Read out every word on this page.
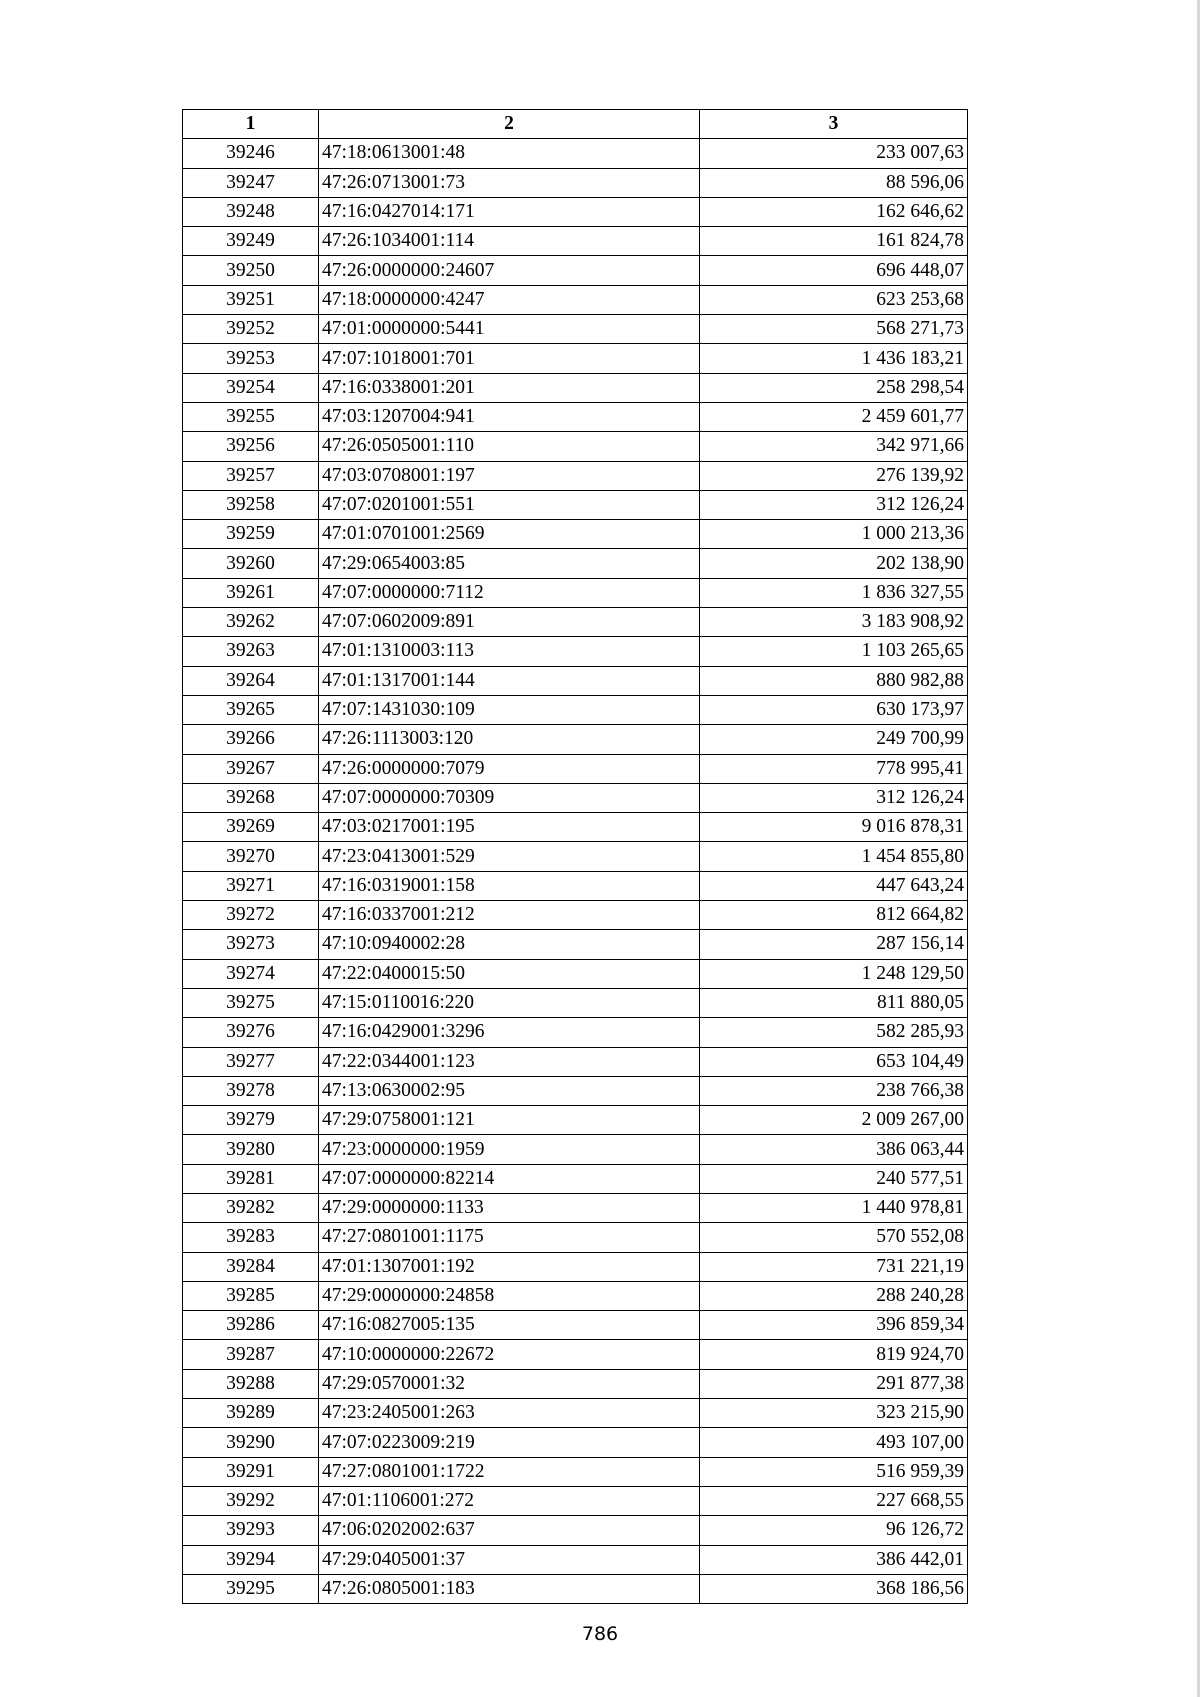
1	2	3
39246	47:18:0613001:48	233 007,63
39247	47:26:0713001:73	88 596,06
39248	47:16:0427014:171	162 646,62
39249	47:26:1034001:114	161 824,78
39250	47:26:0000000:24607	696 448,07
39251	47:18:0000000:4247	623 253,68
39252	47:01:0000000:5441	568 271,73
39253	47:07:1018001:701	1 436 183,21
39254	47:16:0338001:201	258 298,54
39255	47:03:1207004:941	2 459 601,77
39256	47:26:0505001:110	342 971,66
39257	47:03:0708001:197	276 139,92
39258	47:07:0201001:551	312 126,24
39259	47:01:0701001:2569	1 000 213,36
39260	47:29:0654003:85	202 138,90
39261	47:07:0000000:7112	1 836 327,55
39262	47:07:0602009:891	3 183 908,92
39263	47:01:1310003:113	1 103 265,65
39264	47:01:1317001:144	880 982,88
39265	47:07:1431030:109	630 173,97
39266	47:26:1113003:120	249 700,99
39267	47:26:0000000:7079	778 995,41
39268	47:07:0000000:70309	312 126,24
39269	47:03:0217001:195	9 016 878,31
39270	47:23:0413001:529	1 454 855,80
39271	47:16:0319001:158	447 643,24
39272	47:16:0337001:212	812 664,82
39273	47:10:0940002:28	287 156,14
39274	47:22:0400015:50	1 248 129,50
39275	47:15:0110016:220	811 880,05
39276	47:16:0429001:3296	582 285,93
39277	47:22:0344001:123	653 104,49
39278	47:13:0630002:95	238 766,38
39279	47:29:0758001:121	2 009 267,00
39280	47:23:0000000:1959	386 063,44
39281	47:07:0000000:82214	240 577,51
39282	47:29:0000000:1133	1 440 978,81
39283	47:27:0801001:1175	570 552,08
39284	47:01:1307001:192	731 221,19
39285	47:29:0000000:24858	288 240,28
39286	47:16:0827005:135	396 859,34
39287	47:10:0000000:22672	819 924,70
39288	47:29:0570001:32	291 877,38
39289	47:23:2405001:263	323 215,90
39290	47:07:0223009:219	493 107,00
39291	47:27:0801001:1722	516 959,39
39292	47:01:1106001:272	227 668,55
39293	47:06:0202002:637	96 126,72
39294	47:29:0405001:37	386 442,01
39295	47:26:0805001:183	368 186,56
786
